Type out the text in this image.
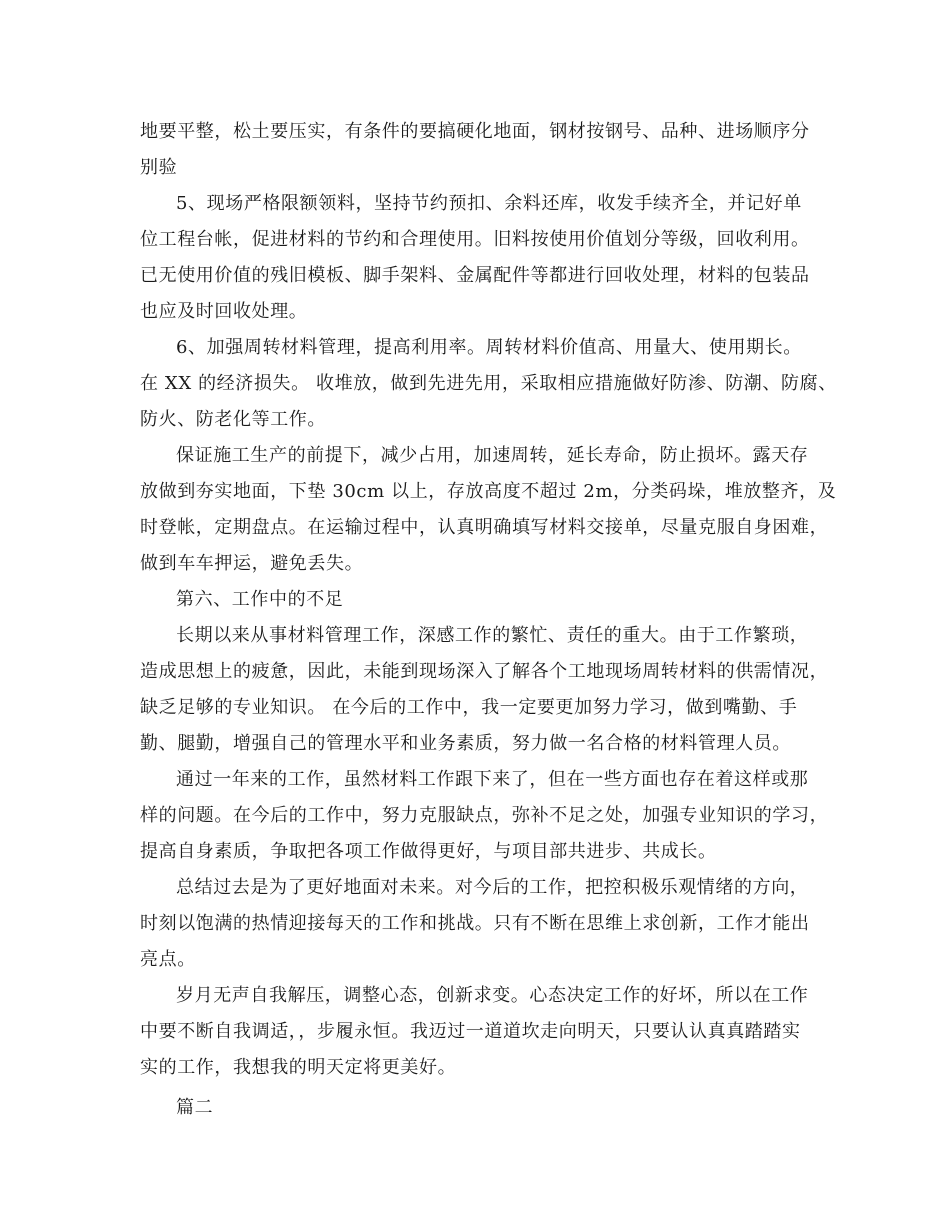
地要平整，松土要压实，有条件的要搞硬化地面，钢材按钢号、品种、进场顺序分
别验
5、现场严格限额领料，坚持节约预扣、余料还库，收发手续齐全，并记好单
位工程台帐，促进材料的节约和合理使用。旧料按使用价值划分等级，回收利用。
已无使用价值的残旧模板、脚手架料、金属配件等都进行回收处理，材料的包装品
也应及时回收处理。
6、加强周转材料管理，提高利用率。周转材料价值高、用量大、使用期长。
在 XX 的经济损失。 收堆放，做到先进先用，采取相应措施做好防渗、防潮、防腐、
防火、防老化等工作。
保证施工生产的前提下，减少占用，加速周转，延长寿命，防止损坏。露天存
放做到夯实地面，下垫 30cm 以上，存放高度不超过 2m，分类码垛，堆放整齐，及
时登帐，定期盘点。在运输过程中，认真明确填写材料交接单，尽量克服自身困难，
做到车车押运，避免丢失。
第六、工作中的不足
长期以来从事材料管理工作，深感工作的繁忙、责任的重大。由于工作繁琐，
造成思想上的疲惫，因此，未能到现场深入了解各个工地现场周转材料的供需情况，
缺乏足够的专业知识。 在今后的工作中，我一定要更加努力学习，做到嘴勤、手
勤、腿勤，增强自己的管理水平和业务素质，努力做一名合格的材料管理人员。
通过一年来的工作，虽然材料工作跟下来了，但在一些方面也存在着这样或那
样的问题。在今后的工作中，努力克服缺点，弥补不足之处，加强专业知识的学习，
提高自身素质，争取把各项工作做得更好，与项目部共进步、共成长。
总结过去是为了更好地面对未来。对今后的工作，把控积极乐观情绪的方向，
时刻以饱满的热情迎接每天的工作和挑战。只有不断在思维上求创新，工作才能出
亮点。
岁月无声自我解压，调整心态，创新求变。心态决定工作的好坏，所以在工作
中要不断自我调适，，步履永恒。我迈过一道道坎走向明天，只要认认真真踏踏实
实的工作，我想我的明天定将更美好。
篇二
